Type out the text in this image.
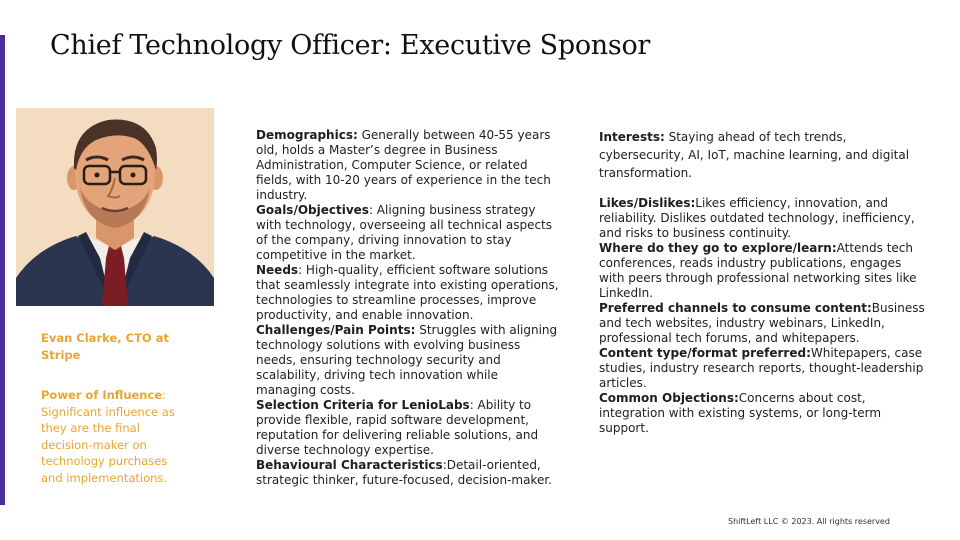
Chief Technology Officer: Executive Sponsor
Evan Clarke, CTO at Stripe
Power of Influence: Significant influence as they are the final decision-maker on technology purchases and implementations.

Demographics: Generally between 40-55 years old, holds a Master’s degree in Business Administration, Computer Science, or related fields, with 10-20 years of experience in the tech industry.

Goals/Objectives: Aligning business strategy with technology, overseeing all technical aspects of the company, driving innovation to stay competitive in the market.

Needs: High-quality, efficient software solutions that seamlessly integrate into existing operations, technologies to streamline processes, improve productivity, and enable innovation.

Challenges/Pain Points: Struggles with aligning technology solutions with evolving business needs, ensuring technology security and scalability, driving tech innovation while managing costs.

Selection Criteria for LenioLabs: Ability to provide flexible, rapid software development, reputation for delivering reliable solutions, and diverse technology expertise.

Behavioural Characteristics:Detail-oriented, strategic thinker, future-focused, decision-maker.

Interests: Staying ahead of tech trends, cybersecurity, AI, IoT, machine learning, and digital transformation.

Likes/Dislikes:Likes efficiency, innovation, and reliability. Dislikes outdated technology, inefficiency, and risks to business continuity.

Where do they go to explore/learn:Attends tech conferences, reads industry publications, engages with peers through professional networking sites like LinkedIn.

Preferred channels to consume content:Business and tech websites, industry webinars, LinkedIn, professional tech forums, and whitepapers.

Content type/format preferred:Whitepapers, case studies, industry research reports, thought-leadership articles.

Common Objections:Concerns about cost, integration with existing systems, or long-term support.

ShiftLeft LLC © 2023. All rights reserved
